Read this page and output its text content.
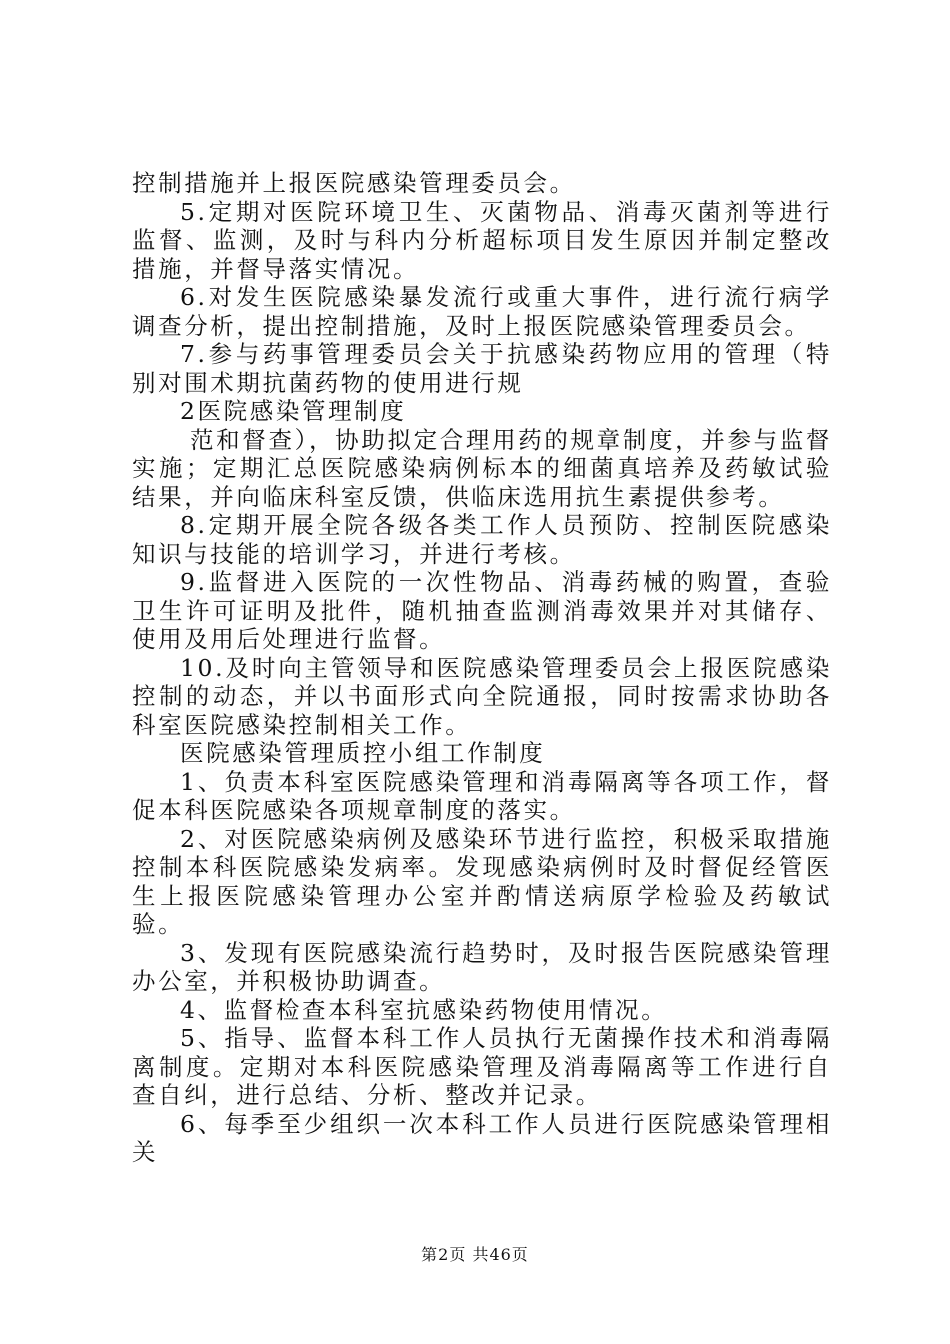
控制措施并上报医院感染管理委员会。

5.定期对医院环境卫生、灭菌物品、消毒灭菌剂等进行监督、监测，及时与科内分析超标项目发生原因并制定整改措施，并督导落实情况。

6.对发生医院感染暴发流行或重大事件，进行流行病学调查分析，提出控制措施，及时上报医院感染管理委员会。

7.参与药事管理委员会关于抗感染药物应用的管理（特别对围术期抗菌药物的使用进行规

2医院感染管理制度

范和督查），协助拟定合理用药的规章制度，并参与监督实施；定期汇总医院感染病例标本的细菌真培养及药敏试验结果，并向临床科室反馈，供临床选用抗生素提供参考。

8.定期开展全院各级各类工作人员预防、控制医院感染知识与技能的培训学习，并进行考核。

9.监督进入医院的一次性物品、消毒药械的购置，查验卫生许可证明及批件，随机抽查监测消毒效果并对其储存、使用及用后处理进行监督。

10.及时向主管领导和医院感染管理委员会上报医院感染控制的动态，并以书面形式向全院通报，同时按需求协助各科室医院感染控制相关工作。

医院感染管理质控小组工作制度

1、负责本科室医院感染管理和消毒隔离等各项工作，督促本科医院感染各项规章制度的落实。

2、对医院感染病例及感染环节进行监控，积极采取措施控制本科医院感染发病率。发现感染病例时及时督促经管医生上报医院感染管理办公室并酌情送病原学检验及药敏试验。

3、发现有医院感染流行趋势时，及时报告医院感染管理办公室，并积极协助调查。

4、监督检查本科室抗感染药物使用情况。

5、指导、监督本科工作人员执行无菌操作技术和消毒隔离制度。定期对本科医院感染管理及消毒隔离等工作进行自查自纠，进行总结、分析、整改并记录。

6、每季至少组织一次本科工作人员进行医院感染管理相关

第2页 共46页
